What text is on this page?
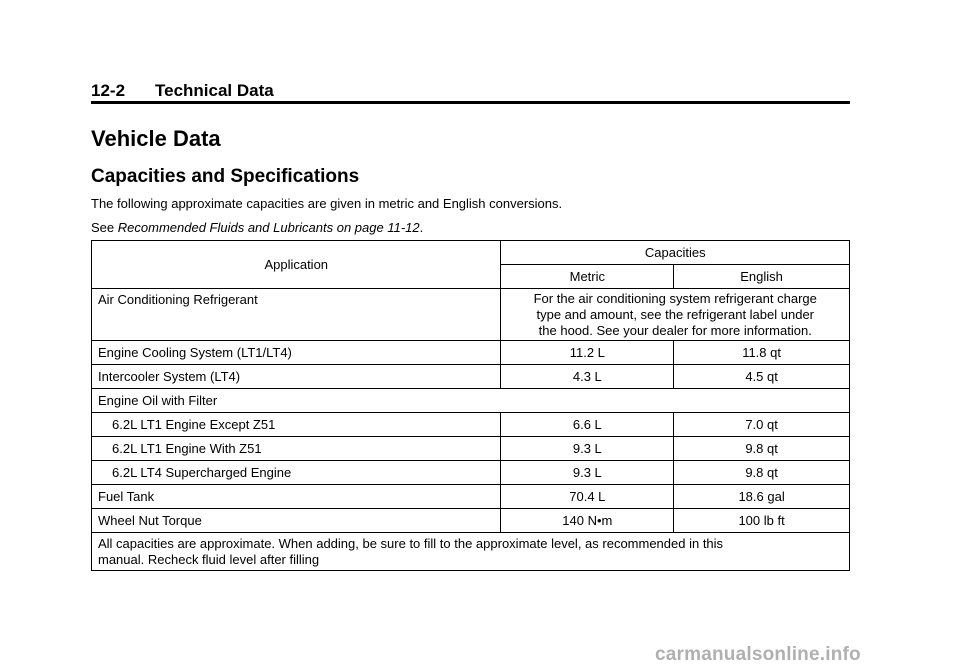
12-2 Technical Data
Vehicle Data
Capacities and Specifications
The following approximate capacities are given in metric and English conversions.
See Recommended Fluids and Lubricants on page 11-12.
Application	Capacities	
	Metric	English
Air Conditioning Refrigerant	For the air conditioning system refrigerant charge
type and amount, see the refrigerant label under
the hood. See your dealer for more information.	

Engine Cooling System (LT1/LT4)	11.2 L	11.8 qt
Intercooler System (LT4)	4.3 L	4.5 qt
Engine Oil with Filter		
6.2L LT1 Engine Except Z51	6.6 L	7.0 qt
6.2L LT1 Engine With Z51	9.3 L	9.8 qt
6.2L LT4 Supercharged Engine	9.3 L	9.8 qt
Fuel Tank	70.4 L	18.6 gal
Wheel Nut Torque	140 N•m	100 lb ft

All capacities are approximate. When adding, be sure to fill to the approximate level, as recommended in this
manual. Recheck fluid level after filling		
carmanualsonline.info
